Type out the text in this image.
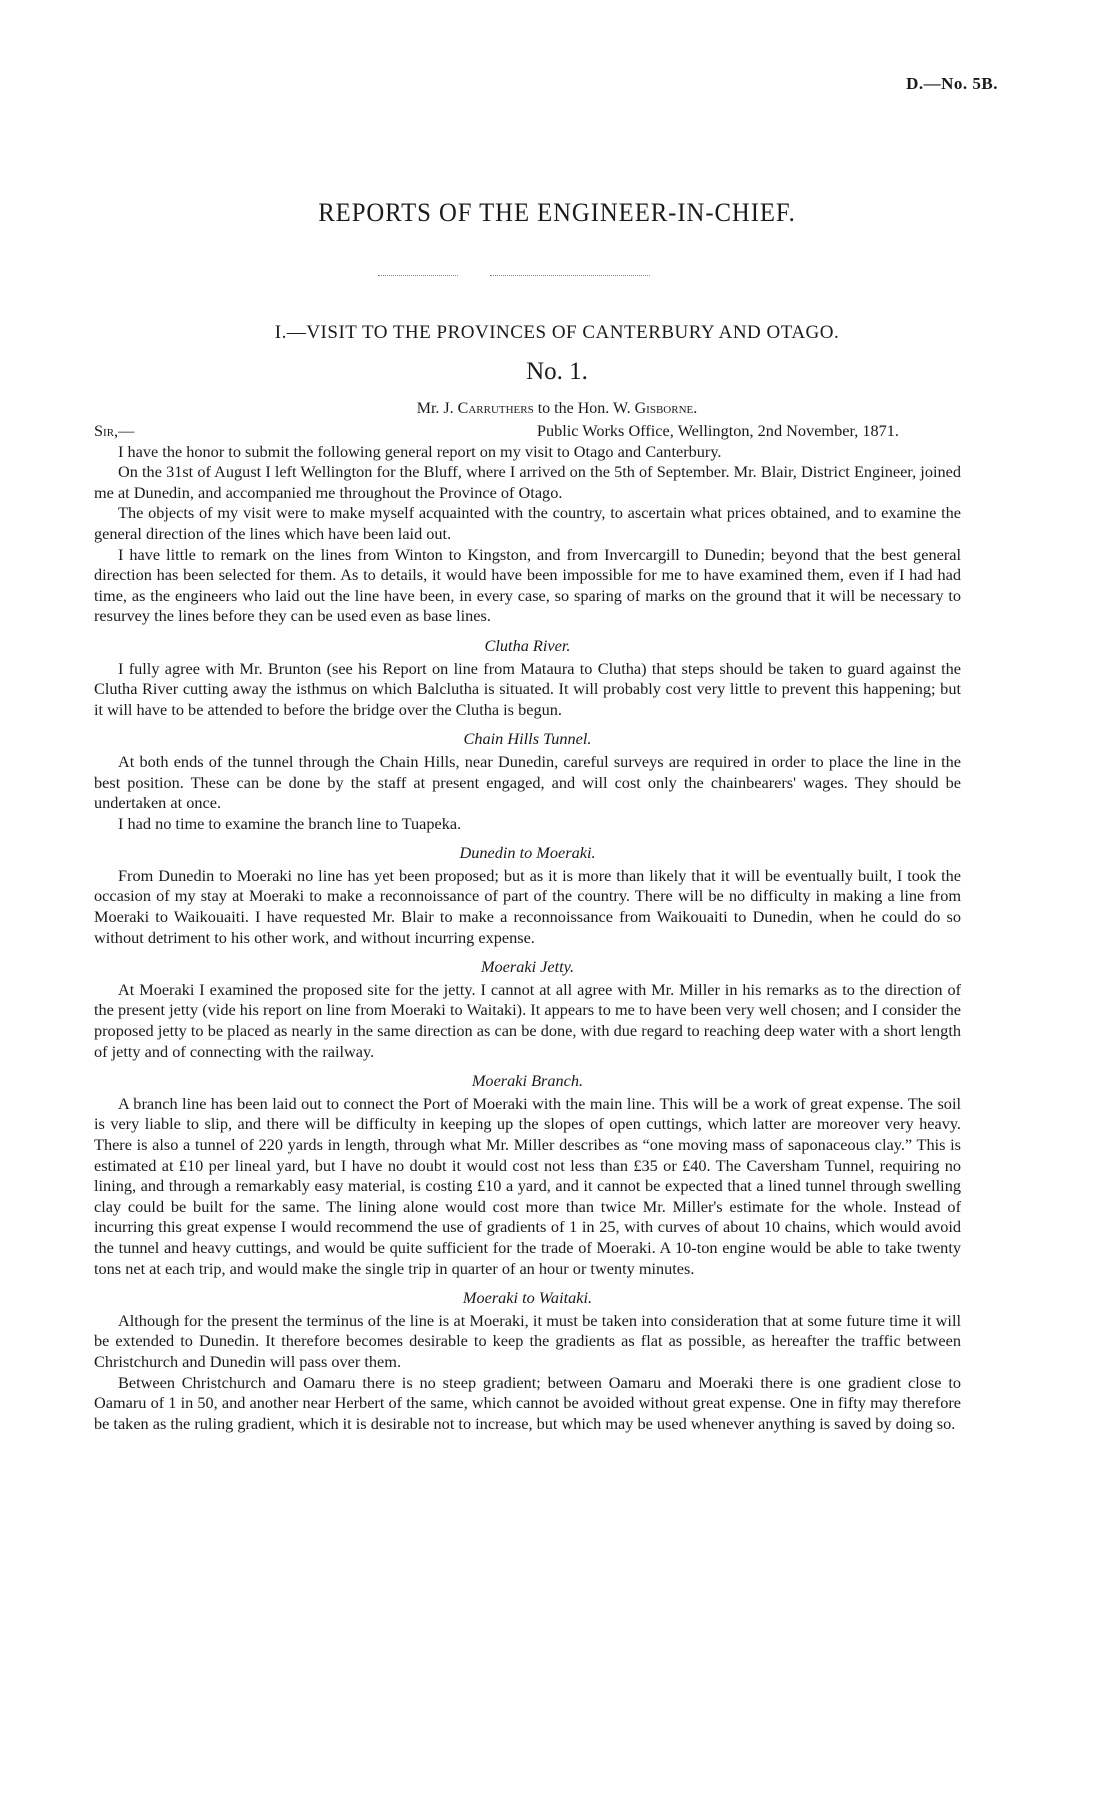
D.—No. 5B.
REPORTS OF THE ENGINEER-IN-CHIEF.
I.—VISIT TO THE PROVINCES OF CANTERBURY AND OTAGO.
No. 1.
Mr. J. Carruthers to the Hon. W. Gisborne.
Sir,—	Public Works Office, Wellington, 2nd November, 1871.

I have the honor to submit the following general report on my visit to Otago and Canterbury.

On the 31st of August I left Wellington for the Bluff, where I arrived on the 5th of September. Mr. Blair, District Engineer, joined me at Dunedin, and accompanied me throughout the Province of Otago.

The objects of my visit were to make myself acquainted with the country, to ascertain what prices obtained, and to examine the general direction of the lines which have been laid out.

I have little to remark on the lines from Winton to Kingston, and from Invercargill to Dunedin; beyond that the best general direction has been selected for them. As to details, it would have been impossible for me to have examined them, even if I had had time, as the engineers who laid out the line have been, in every case, so sparing of marks on the ground that it will be necessary to resurvey the lines before they can be used even as base lines.

Clutha River.

I fully agree with Mr. Brunton (see his Report on line from Mataura to Clutha) that steps should be taken to guard against the Clutha River cutting away the isthmus on which Balclutha is situated. It will probably cost very little to prevent this happening; but it will have to be attended to before the bridge over the Clutha is begun.

Chain Hills Tunnel.

At both ends of the tunnel through the Chain Hills, near Dunedin, careful surveys are required in order to place the line in the best position. These can be done by the staff at present engaged, and will cost only the chainbearers' wages. They should be undertaken at once.

I had no time to examine the branch line to Tuapeka.

Dunedin to Moeraki.

From Dunedin to Moeraki no line has yet been proposed; but as it is more than likely that it will be eventually built, I took the occasion of my stay at Moeraki to make a reconnoissance of part of the country. There will be no difficulty in making a line from Moeraki to Waikouaiti. I have requested Mr. Blair to make a reconnoissance from Waikouaiti to Dunedin, when he could do so without detriment to his other work, and without incurring expense.

Moeraki Jetty.

At Moeraki I examined the proposed site for the jetty. I cannot at all agree with Mr. Miller in his remarks as to the direction of the present jetty (vide his report on line from Moeraki to Waitaki). It appears to me to have been very well chosen; and I consider the proposed jetty to be placed as nearly in the same direction as can be done, with due regard to reaching deep water with a short length of jetty and of connecting with the railway.

Moeraki Branch.

A branch line has been laid out to connect the Port of Moeraki with the main line. This will be a work of great expense. The soil is very liable to slip, and there will be difficulty in keeping up the slopes of open cuttings, which latter are moreover very heavy. There is also a tunnel of 220 yards in length, through what Mr. Miller describes as “one moving mass of saponaceous clay.” This is estimated at £10 per lineal yard, but I have no doubt it would cost not less than £35 or £40. The Caversham Tunnel, requiring no lining, and through a remarkably easy material, is costing £10 a yard, and it cannot be expected that a lined tunnel through swelling clay could be built for the same. The lining alone would cost more than twice Mr. Miller's estimate for the whole. Instead of incurring this great expense I would recommend the use of gradients of 1 in 25, with curves of about 10 chains, which would avoid the tunnel and heavy cuttings, and would be quite sufficient for the trade of Moeraki. A 10-ton engine would be able to take twenty tons net at each trip, and would make the single trip in quarter of an hour or twenty minutes.

Moeraki to Waitaki.

Although for the present the terminus of the line is at Moeraki, it must be taken into consideration that at some future time it will be extended to Dunedin. It therefore becomes desirable to keep the gradients as flat as possible, as hereafter the traffic between Christchurch and Dunedin will pass over them.

Between Christchurch and Oamaru there is no steep gradient; between Oamaru and Moeraki there is one gradient close to Oamaru of 1 in 50, and another near Herbert of the same, which cannot be avoided without great expense. One in fifty may therefore be taken as the ruling gradient, which it is desirable not to increase, but which may be used whenever anything is saved by doing so.
